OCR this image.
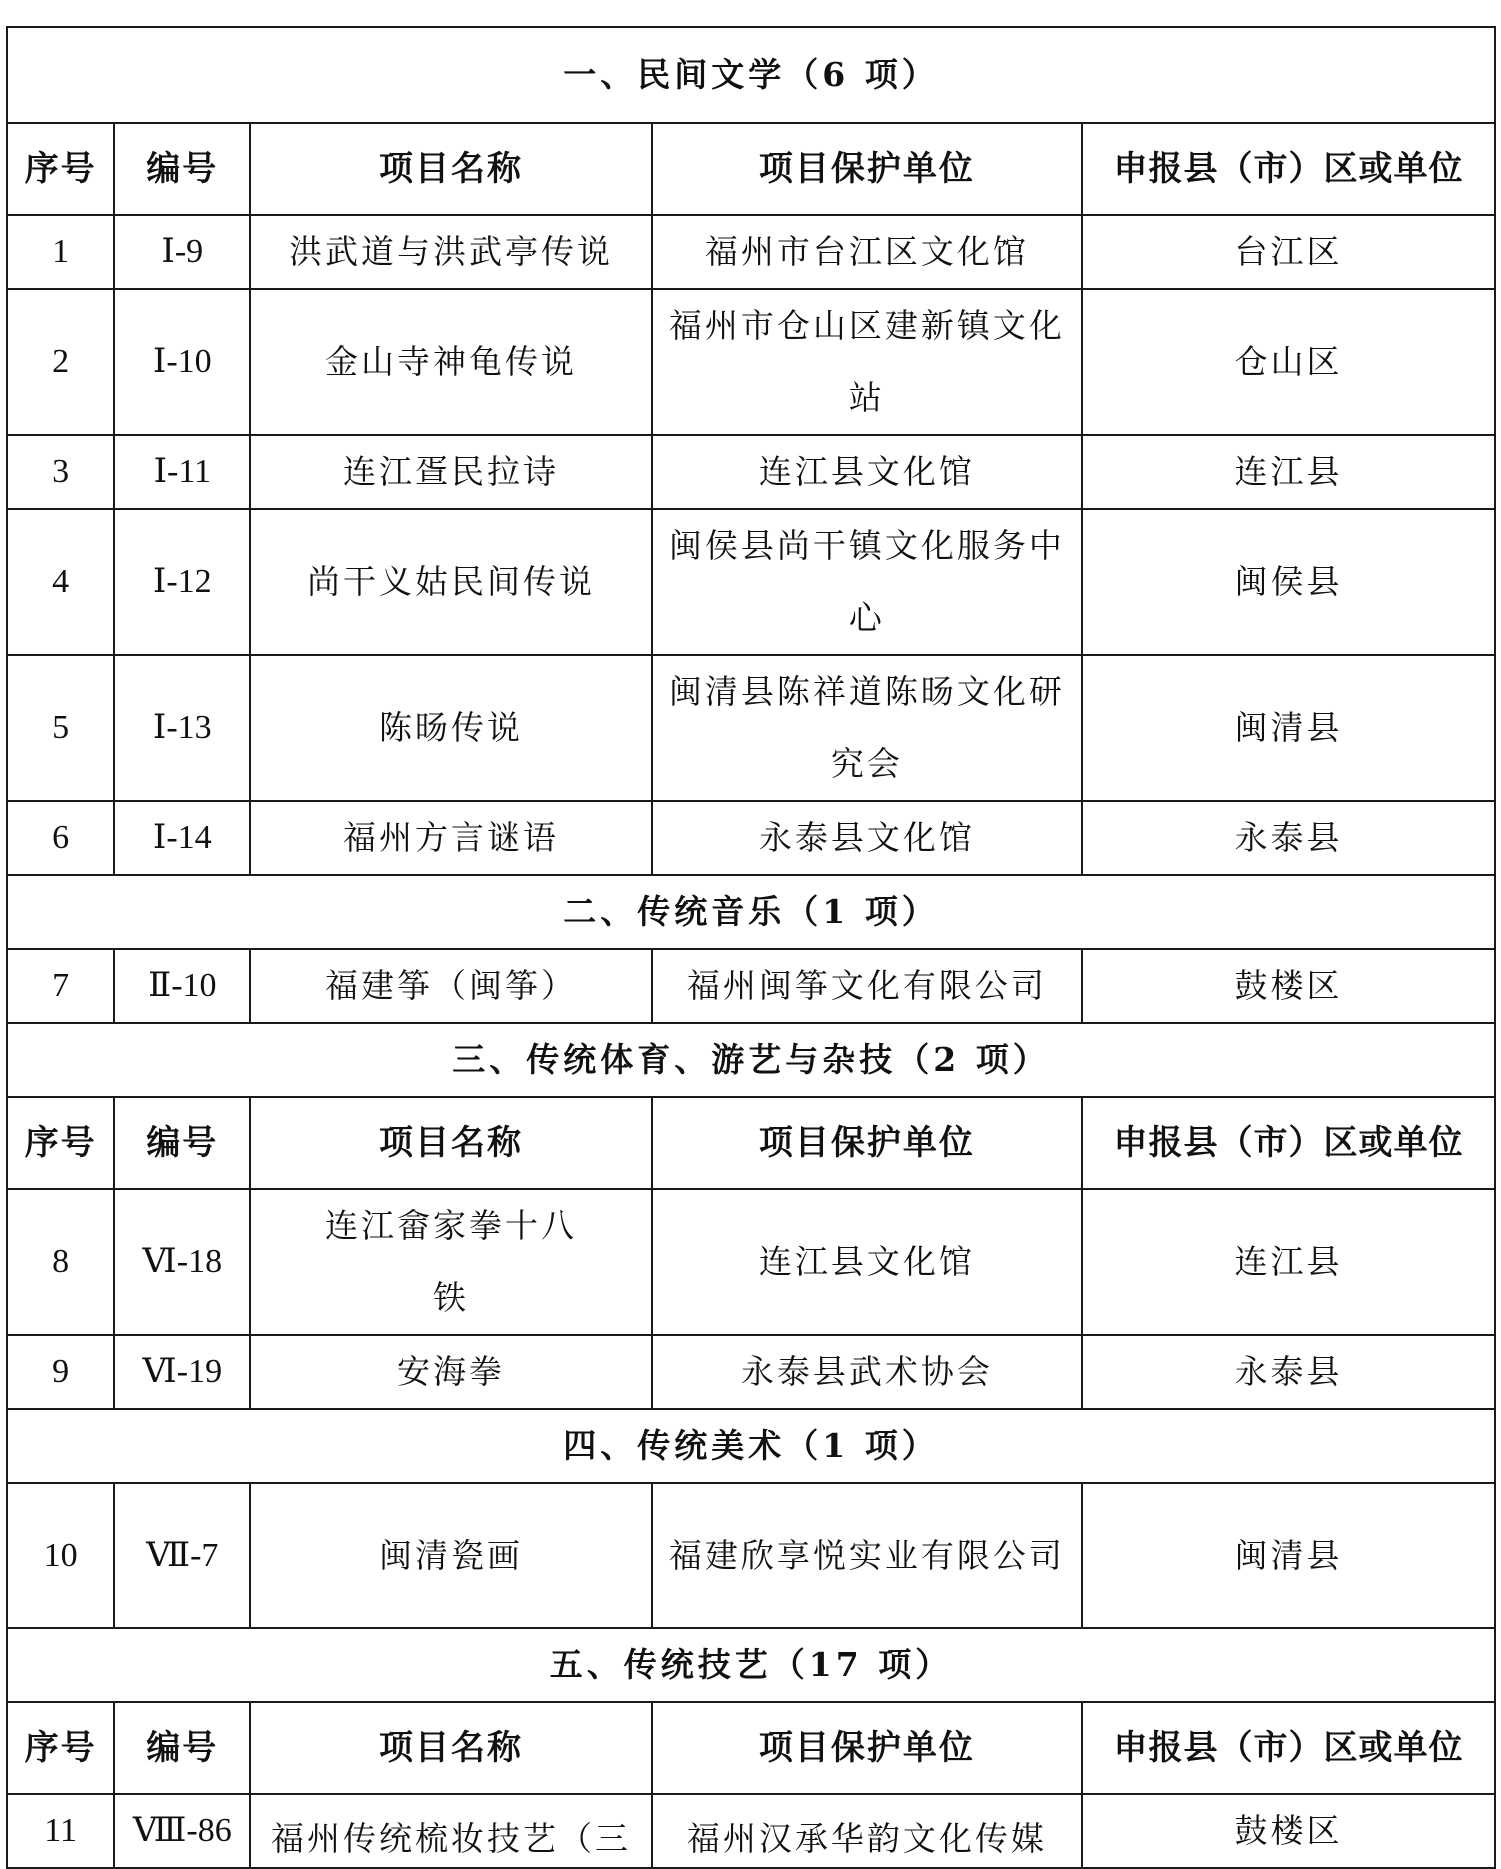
一、民间文学（6 项）				
序号	编号	项目名称	项目保护单位	申报县（市）区或单位
1	Ⅰ-9	洪武道与洪武亭传说	福州市台江区文化馆	台江区
2	Ⅰ-10	金山寺神龟传说	福州市仓山区建新镇文化站	仓山区
3	Ⅰ-11	连江疍民拉诗	连江县文化馆	连江县
4	Ⅰ-12	尚干义姑民间传说	闽侯县尚干镇文化服务中心	闽侯县
5	Ⅰ-13	陈旸传说	闽清县陈祥道陈旸文化研究会	闽清县
6	Ⅰ-14	福州方言谜语	永泰县文化馆	永泰县
二、传统音乐（1 项）				
7	Ⅱ-10	福建筝（闽筝）	福州闽筝文化有限公司	鼓楼区
三、传统体育、游艺与杂技（2 项）				
序号	编号	项目名称	项目保护单位	申报县（市）区或单位
8	Ⅵ-18	连江畲家拳十八铁	连江县文化馆	连江县
9	Ⅵ-19	安海拳	永泰县武术协会	永泰县
四、传统美术（1 项）				
10	Ⅶ-7	闽清瓷画	福建欣享悦实业有限公司	闽清县
五、传统技艺（17 项）				
序号	编号	项目名称	项目保护单位	申报县（市）区或单位
11	Ⅷ-86	福州传统梳妆技艺（三	福州汉承华韵文化传媒	鼓楼区
